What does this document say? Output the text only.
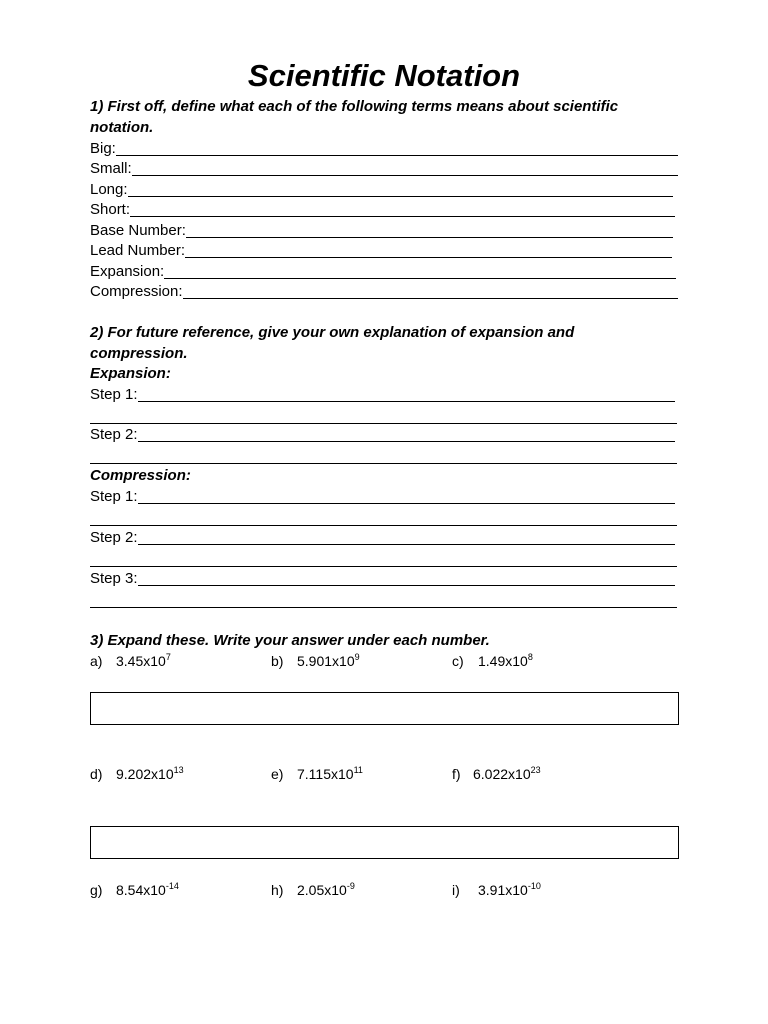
Scientific Notation
1) First off, define what each of the following terms means about scientific
notation.
Big:
Small:
Long:
Short:
Base Number:
Lead Number:
Expansion:
Compression:
2) For future reference, give your own explanation of expansion and
compression.
Expansion:
Step 1:
Step 2:
Compression:
Step 1:
Step 2:
Step 3:
3) Expand these. Write your answer under each number.
a) $3.45x10^7$	b) $5.901x10^9$	c) $1.49x10^8$
d) $9.202x10^{13}$	e) $7.115x10^{11}$	f) $6.022x10^{23}$
g) $8.54x10^{-14}$	h) $2.05x10^{-9}$	i) $3.91x10^{-10}$
